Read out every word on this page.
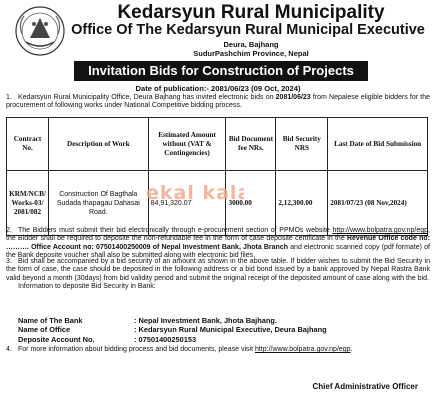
Kedarsyun Rural Municipality
Office Of The Kedarsyun Rural Municipal Executive
Deura, Bajhang
SudurPashchim Province, Nepal
Invitation Bids for Construction of Projects
Date of publication:- 2081/06/23 (09 Oct, 2024)
1. Kedarsyun Rural Municipality Office, Deura Bajhang has invited electronic bids on 2081/06/23 from Nepalese eligible bidders for the procurement of following works under National Competitive bidding process.
Contract No.	Description of Work	Estimated Amount without (VAT & Contingencies)	Bid Document fee NRs.	Bid Security NRS	Last Date of Bid Submission
KRM/NCB/ Works-03/ 2081/082	Construction Of Bagthala Sudada thapagau Dahasai Road.	84,91,320.07	3000.00	2,12,300.00	2081/07/23 (08 Nov,2024)
ekal kal
2. The Bidders must submit their bid electronically through e-procurement section of PPMOs website http://www.bolpatra.gov.np/egp, the Bidder shall be required to deposite the non-refundable fee in the form of case deposite certificate in the Revenue Office code no: ………. Office Account no: 07501400250009 of Nepal Investment Bank, Jhota Branch and electronic scanned copy (pdf formate) of the Bank deposite voucher shall also be submitted along with electronic bid files.
3. Bid shall be accompanied by a bid security of an amount as shown in the above table. If bidder wishes to submit the Bid Security in the form of case, the case should be deposited in the following address or a bid bond issued by a bank approved by Nepal Rastra Bank valid beyond a month (30days) from bid validity period and submit the original receipt of the deposited amount of case along with the bid.
Information to deposite Bid Security in Bank:
Name of The Bank	: Nepal Investment Bank, Jhota Bajhang.
Name of Office	: Kedarsyun Rural Municipal Executive, Deura Bajhang
Deposite Account No.	: 07501400250153
4. For more information about bidding process and bid documents, please visit http://www.bolpatra.gov.np/egp.
Chief Administrative Officer
